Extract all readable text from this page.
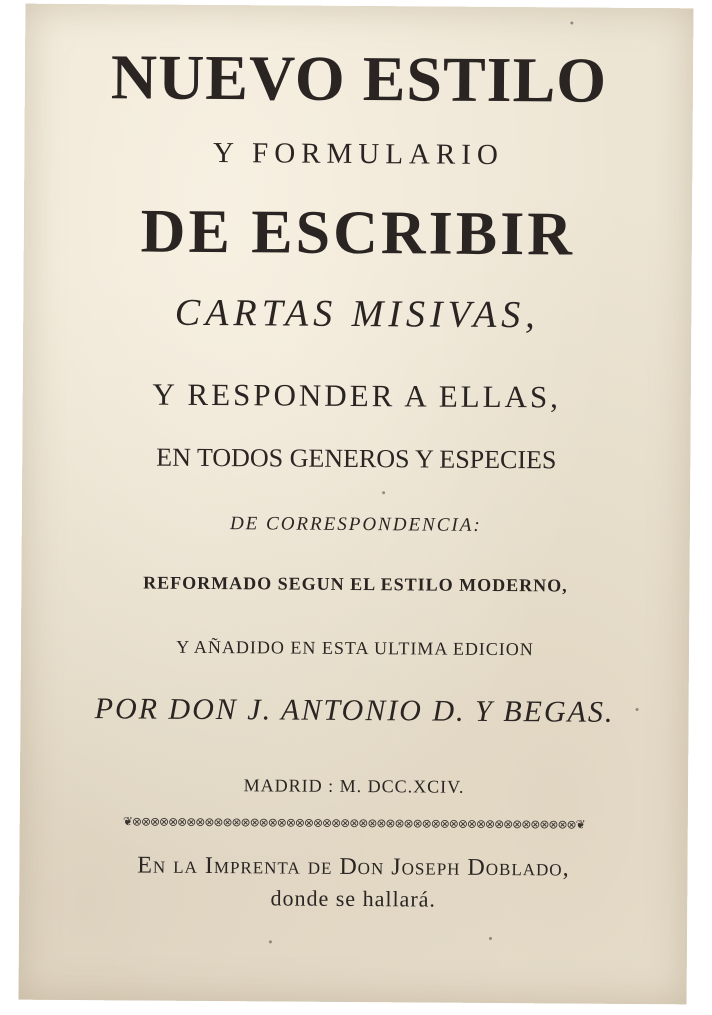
NUEVO ESTILO

Y FORMULARIO

DE ESCRIBIR

CARTAS MISIVAS,

Y RESPONDER A ELLAS,

EN TODOS GENEROS Y ESPECIES

DE CORRESPONDENCIA:

REFORMADO SEGUN EL ESTILO MODERNO,

Y AÑADIDO EN ESTA ULTIMA EDICION

POR DON J. ANTONIO D. Y BEGAS.

MADRID : M. DCC.XCIV.

❦⊗⊗⊗⊗⊗⊗⊗⊗⊗⊗⊗⊗⊗⊗⊗⊗⊗⊗⊗⊗⊗⊗⊗⊗⊗⊗⊗⊗⊗⊗⊗⊗⊗⊗⊗⊗⊗⊗⊗⊗⊗⊗⊗⊗⊗⊗⊗⊗⊗❦

En la Imprenta de Don Joseph Doblado,

donde se hallará.
